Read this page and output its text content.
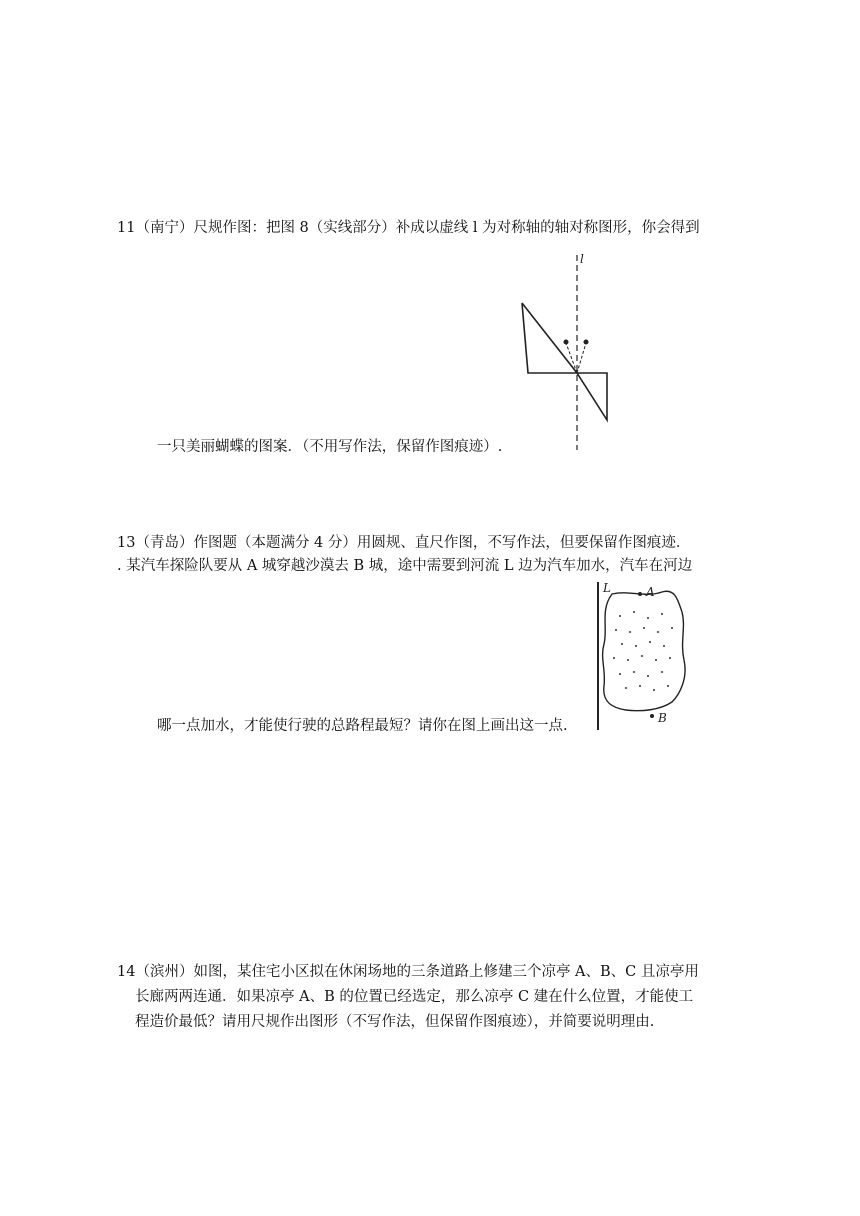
11（南宁）尺规作图：把图 8（实线部分）补成以虚线 l 为对称轴的轴对称图形，你会得到
l
一只美丽蝴蝶的图案．（不用写作法，保留作图痕迹）.
13（青岛）作图题（本题满分 4 分）用圆规、直尺作图，不写作法，但要保留作图痕迹．
. 某汽车探险队要从 A 城穿越沙漠去 B 城，途中需要到河流 L 边为汽车加水，汽车在河边
L	A
B
哪一点加水，才能使行驶的总路程最短？请你在图上画出这一点.
14（滨州）如图，某住宅小区拟在休闲场地的三条道路上修建三个凉亭 A、B、C 且凉亭用
长廊两两连通．如果凉亭 A、B 的位置已经选定，那么凉亭 C 建在什么位置，才能使工
程造价最低？请用尺规作出图形（不写作法，但保留作图痕迹），并简要说明理由.
